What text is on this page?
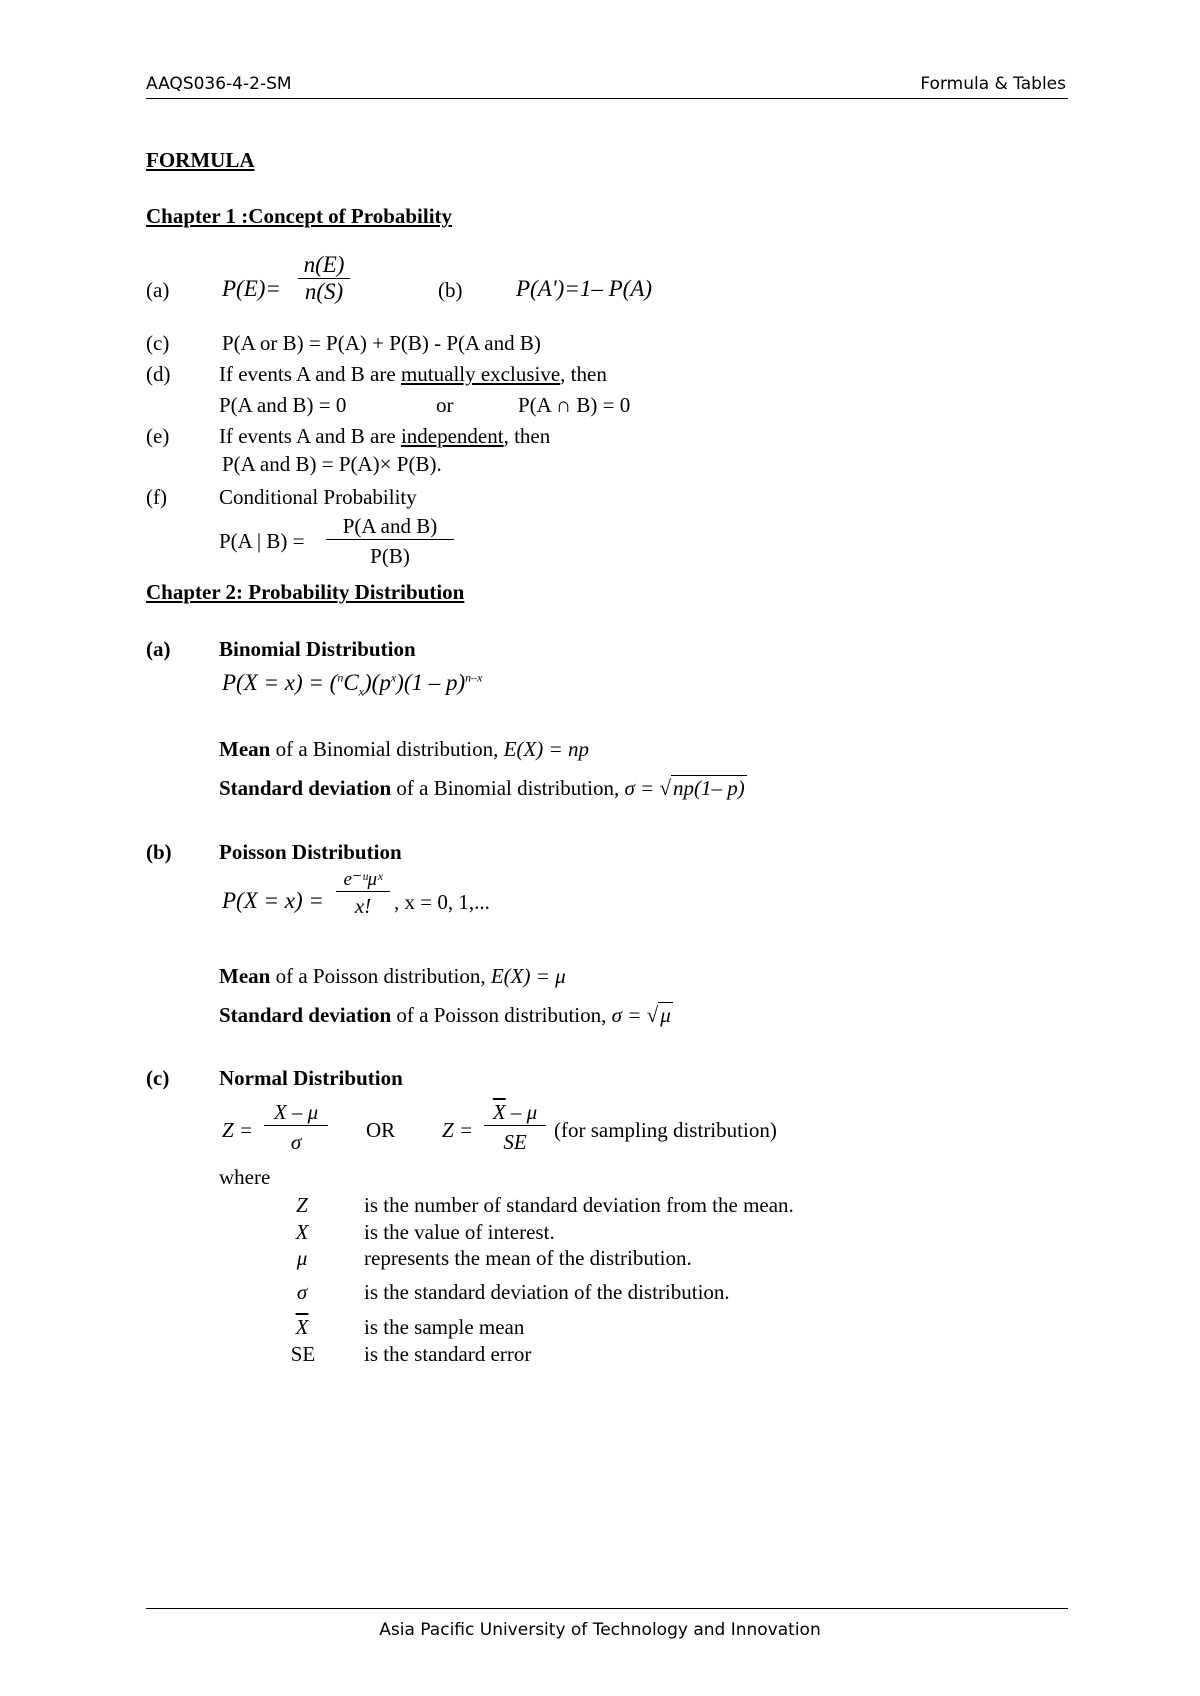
AAQS036-4-2-SM	Formula & Tables
FORMULA
Chapter 1 :Concept of Probability
(a) P(E)=
n(E)
n(S)	(b) P(A')=1– P(A)
(c)	P(A or B) = P(A) + P(B) - P(A and B)
(d) If events A and B are mutually exclusive, then
P(A and B) = 0	or	P(A ∩ B) = 0
(e) If events A and B are independent, then
P(A and B) = P(A)× P(B).
(f) Conditional Probability
P(A | B) =
P(A and B)
P(B)
Chapter 2: Probability Distribution
(a) Binomial Distribution
$P(X = x) = (^nC_x)(p^x)(1 - p)^{n-x}$
Mean of a Binomial distribution, E(X) = np
Standard deviation of a Binomial distribution, σ = √np(1– p)
(b) Poisson Distribution
P(X = x) =
e⁻ᵘμˣ
x!	, x = 0, 1,...
Mean of a Poisson distribution, E(X) = μ
Standard deviation of a Poisson distribution, σ = √μ
(c) Normal Distribution
Z =
X – μ
σ	OR Z =
$\overline{X}$ – μ
SE	(for sampling distribution)
where
Z	is the number of standard deviation from the mean.
X	is the value of interest.
μ	represents the mean of the distribution.
σ	is the standard deviation of the distribution.
$\overline{X}$	is the sample mean
SE is the standard error
Asia Pacific University of Technology and Innovation
